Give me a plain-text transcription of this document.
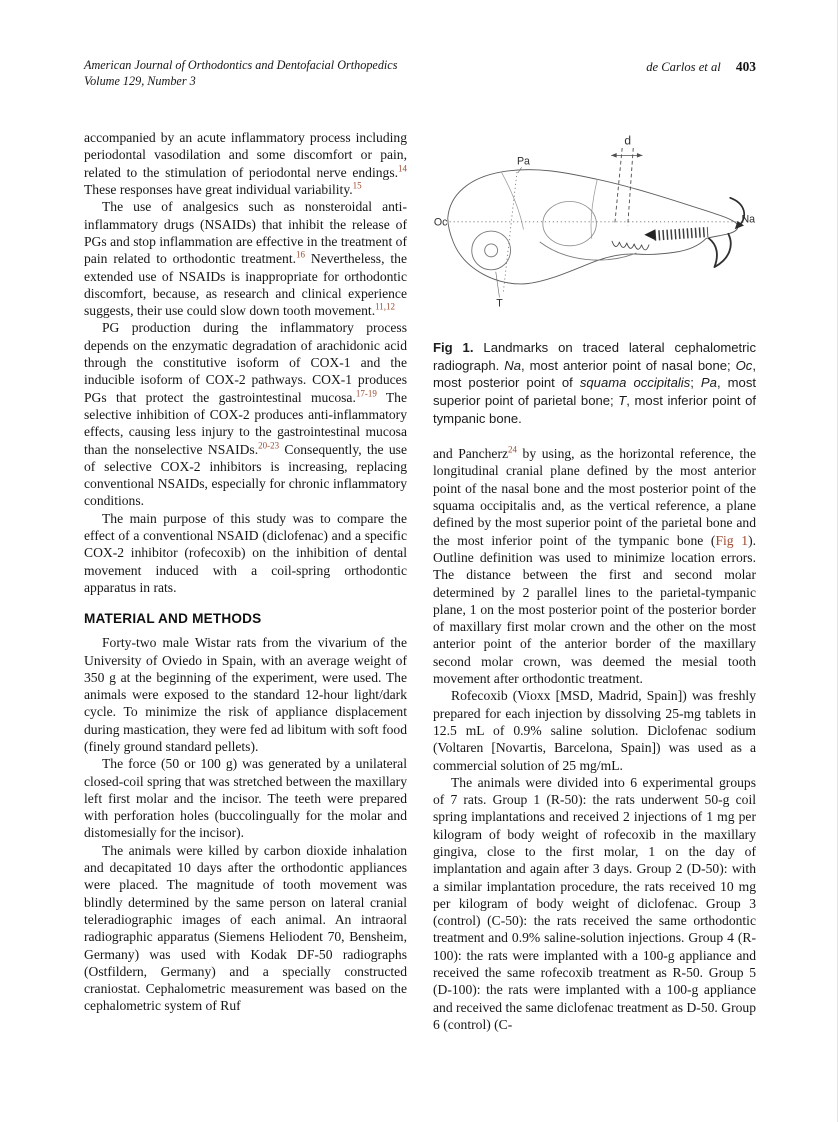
American Journal of Orthodontics and Dentofacial Orthopedics
Volume 129, Number 3
de Carlos et al 403

accompanied by an acute inflammatory process including periodontal vasodilation and some discomfort or pain, related to the stimulation of periodontal nerve endings.$^{14}$ These responses have great individual variability.$^{15}$

The use of analgesics such as nonsteroidal anti-inflammatory drugs (NSAIDs) that inhibit the release of PGs and stop inflammation are effective in the treatment of pain related to orthodontic treatment.$^{16}$ Nevertheless, the extended use of NSAIDs is inappropriate for orthodontic discomfort, because, as research and clinical experience suggests, their use could slow down tooth movement.$^{11,12}$

PG production during the inflammatory process depends on the enzymatic degradation of arachidonic acid through the constitutive isoform of COX-1 and the inducible isoform of COX-2 pathways. COX-1 produces PGs that protect the gastrointestinal mucosa.$^{17-19}$ The selective inhibition of COX-2 produces anti-inflammatory effects, causing less injury to the gastrointestinal mucosa than the nonselective NSAIDs.$^{20-23}$ Consequently, the use of selective COX-2 inhibitors is increasing, replacing conventional NSAIDs, especially for chronic inflammatory conditions.

The main purpose of this study was to compare the effect of a conventional NSAID (diclofenac) and a specific COX-2 inhibitor (rofecoxib) on the inhibition of dental movement induced with a coil-spring orthodontic apparatus in rats.

MATERIAL AND METHODS

Forty-two male Wistar rats from the vivarium of the University of Oviedo in Spain, with an average weight of 350 g at the beginning of the experiment, were used. The animals were exposed to the standard 12-hour light/dark cycle. To minimize the risk of appliance displacement during mastication, they were fed ad libitum with soft food (finely ground standard pellets).

The force (50 or 100 g) was generated by a unilateral closed-coil spring that was stretched between the maxillary left first molar and the incisor. The teeth were prepared with perforation holes (buccolingually for the molar and distomesially for the incisor).

The animals were killed by carbon dioxide inhalation and decapitated 10 days after the orthodontic appliances were placed. The magnitude of tooth movement was blindly determined by the same person on lateral cranial teleradiographic images of each animal. An intraoral radiographic apparatus (Siemens Heliodent 70, Bensheim, Germany) was used with Kodak DF-50 radiographs (Ostfildern, Germany) and a specially constructed craniostat. Cephalometric measurement was based on the cephalometric system of Ruf

d
Pa
Oc	Na
T
Fig 1. Landmarks on traced lateral cephalometric radiograph. Na, most anterior point of nasal bone; Oc, most posterior point of squama occipitalis; Pa, most superior point of parietal bone; T, most inferior point of tympanic bone.

and Pancherz$^{24}$ by using, as the horizontal reference, the longitudinal cranial plane defined by the most anterior point of the nasal bone and the most posterior point of the squama occipitalis and, as the vertical reference, a plane defined by the most superior point of the parietal bone and the most inferior point of the tympanic bone (Fig 1). Outline definition was used to minimize location errors. The distance between the first and second molar determined by 2 parallel lines to the parietal-tympanic plane, 1 on the most posterior point of the posterior border of maxillary first molar crown and the other on the most anterior point of the anterior border of the maxillary second molar crown, was deemed the mesial tooth movement after orthodontic treatment.

Rofecoxib (Vioxx [MSD, Madrid, Spain]) was freshly prepared for each injection by dissolving 25-mg tablets in 12.5 mL of 0.9% saline solution. Diclofenac sodium (Voltaren [Novartis, Barcelona, Spain]) was used as a commercial solution of 25 mg/mL.

The animals were divided into 6 experimental groups of 7 rats. Group 1 (R-50): the rats underwent 50-g coil spring implantations and received 2 injections of 1 mg per kilogram of body weight of rofecoxib in the maxillary gingiva, close to the first molar, 1 on the day of implantation and again after 3 days. Group 2 (D-50): with a similar implantation procedure, the rats received 10 mg per kilogram of body weight of diclofenac. Group 3 (control) (C-50): the rats received the same orthodontic treatment and 0.9% saline-solution injections. Group 4 (R-100): the rats were implanted with a 100-g appliance and received the same rofecoxib treatment as R-50. Group 5 (D-100): the rats were implanted with a 100-g appliance and received the same diclofenac treatment as D-50. Group 6 (control) (C-
